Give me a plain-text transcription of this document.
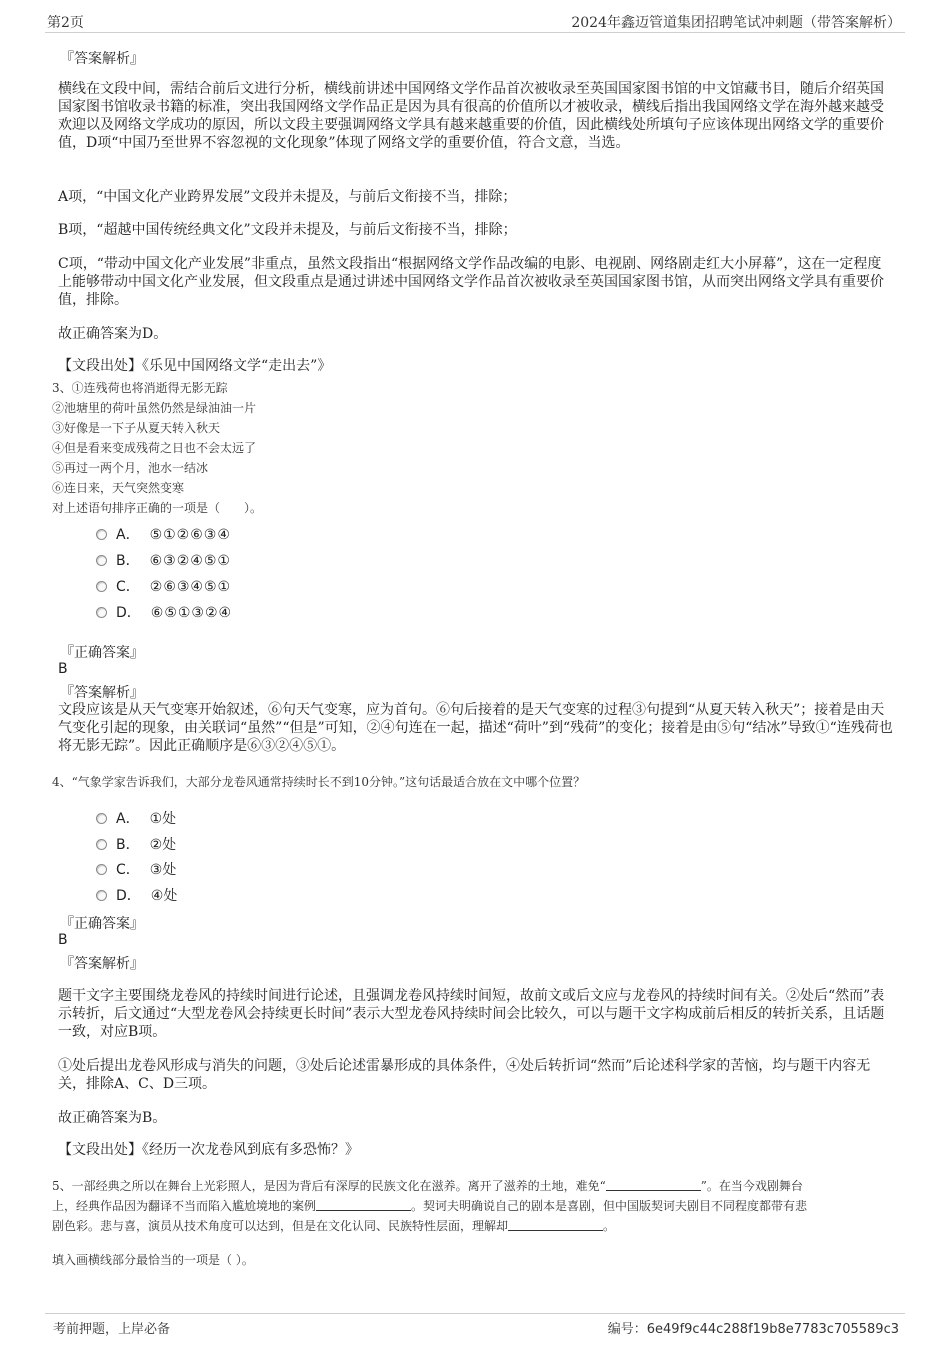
第2页	2024年鑫迈管道集团招聘笔试冲刺题（带答案解析）
『答案解析』
横线在文段中间，需结合前后文进行分析，横线前讲述中国网络文学作品首次被收录至英国国家图书馆的中文馆藏书目，随后介绍英国国家图书馆收录书籍的标准，突出我国网络文学作品正是因为具有很高的价值所以才被收录，横线后指出我国网络文学在海外越来越受欢迎以及网络文学成功的原因，所以文段主要强调网络文学具有越来越重要的价值，因此横线处所填句子应该体现出网络文学的重要价值，D项“中国乃至世界不容忽视的文化现象”体现了网络文学的重要价值，符合文意，当选。
A项，“中国文化产业跨界发展”文段并未提及，与前后文衔接不当，排除；
B项，“超越中国传统经典文化”文段并未提及，与前后文衔接不当，排除；
C项，“带动中国文化产业发展”非重点，虽然文段指出“根据网络文学作品改编的电影、电视剧、网络剧走红大小屏幕”，这在一定程度上能够带动中国文化产业发展，但文段重点是通过讲述中国网络文学作品首次被收录至英国国家图书馆，从而突出网络文学具有重要价值，排除。
故正确答案为D。
【文段出处】《乐见中国网络文学“走出去”》
3、①连残荷也将消逝得无影无踪
②池塘里的荷叶虽然仍然是绿油油一片
③好像是一下子从夏天转入秋天
④但是看来变成残荷之日也不会太远了
⑤再过一两个月，池水一结冰
⑥连日来，天气突然变寒
对上述语句排序正确的一项是（　　）。
A． ⑤①②⑥③④
B． ⑥③②④⑤①
C． ②⑥③④⑤①
D． ⑥⑤①③②④
『正确答案』
B
『答案解析』
文段应该是从天气变寒开始叙述，⑥句天气变寒，应为首句。⑥句后接着的是天气变寒的过程③句提到“从夏天转入秋天”；接着是由天气变化引起的现象，由关联词“虽然”“但是”可知，②④句连在一起，描述“荷叶”到“残荷”的变化；接着是由⑤句“结冰”导致①“连残荷也将无影无踪”。因此正确顺序是⑥③②④⑤①。
4、“气象学家告诉我们，大部分龙卷风通常持续时长不到10分钟。”这句话最适合放在文中哪个位置？
A． ①处
B． ②处
C． ③处
D． ④处
『正确答案』
B
『答案解析』
题干文字主要围绕龙卷风的持续时间进行论述，且强调龙卷风持续时间短，故前文或后文应与龙卷风的持续时间有关。②处后“然而”表示转折，后文通过“大型龙卷风会持续更长时间”表示大型龙卷风持续时间会比较久，可以与题干文字构成前后相反的转折关系，且话题一致，对应B项。
①处后提出龙卷风形成与消失的问题，③处后论述雷暴形成的具体条件，④处后转折词“然而”后论述科学家的苦恼，均与题干内容无关，排除A、C、D三项。
故正确答案为B。
【文段出处】《经历一次龙卷风到底有多恐怖？》
5、一部经典之所以在舞台上光彩照人，是因为背后有深厚的民族文化在滋养。离开了滋养的土地，难免“	”。在当今戏剧舞台
上，经典作品因为翻译不当而陷入尴尬境地的案例	。契诃夫明确说自己的剧本是喜剧，但中国版契诃夫剧目不同程度都带有悲
剧色彩。悲与喜，演员从技术角度可以达到，但是在文化认同、民族特性层面，理解却	。
填入画横线部分最恰当的一项是（ ）。
考前押题，上岸必备	编号：6e49f9c44c288f19b8e7783c705589c3
